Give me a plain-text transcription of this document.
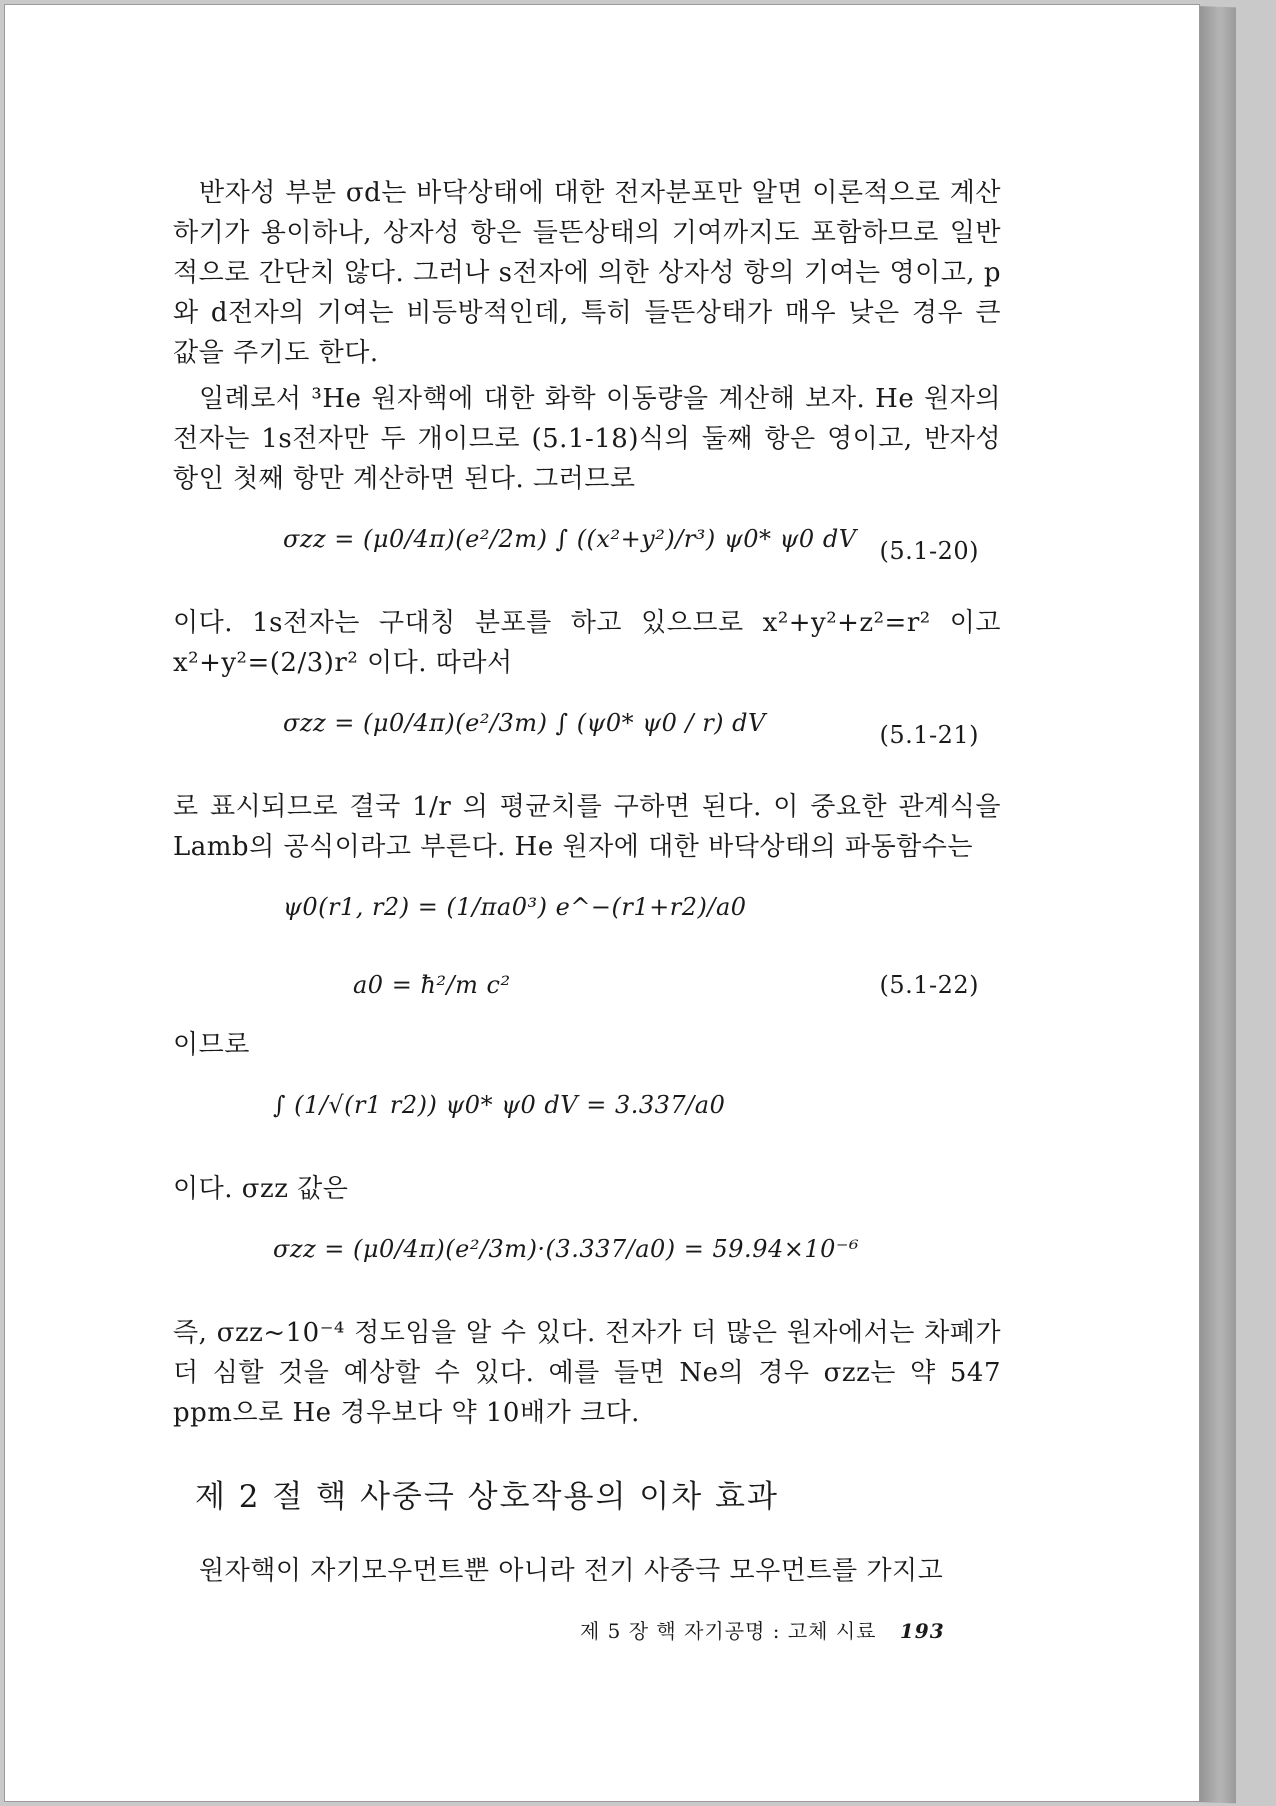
반자성 부분 σd는 바닥상태에 대한 전자분포만 알면 이론적으로 계산하기가 용이하나, 상자성 항은 들뜬상태의 기여까지도 포함하므로 일반적으로 간단치 않다. 그러나 s전자에 의한 상자성 항의 기여는 영이고, p와 d전자의 기여는 비등방적인데, 특히 들뜬상태가 매우 낮은 경우 큰 값을 주기도 한다.

일례로서 ³He 원자핵에 대한 화학 이동량을 계산해 보자. He 원자의 전자는 1s전자만 두 개이므로 (5.1-18)식의 둘째 항은 영이고, 반자성항인 첫째 항만 계산하면 된다. 그러므로

σzz = (μ0/4π)(e²/2m) ∫ ((x²+y²)/r³) ψ0* ψ0 dV (5.1-20)

이다. 1s전자는 구대칭 분포를 하고 있으므로 x²+y²+z²=r² 이고 x²+y²=(2/3)r² 이다. 따라서

σzz = (μ0/4π)(e²/3m) ∫ (ψ0* ψ0 / r) dV	(5.1-21)

로 표시되므로 결국 1/r 의 평균치를 구하면 된다. 이 중요한 관계식을 Lamb의 공식이라고 부른다. He 원자에 대한 바닥상태의 파동함수는

ψ0(r1, r2) = (1/πa0³) e^−(r1+r2)/a0
a0 = ħ²/m c²	(5.1-22)

이므로

∫ (1/√(r1 r2)) ψ0* ψ0 dV = 3.337/a0

이다. σzz 값은

σzz = (μ0/4π)(e²/3m)·(3.337/a0) = 59.94×10⁻⁶

즉, σzz~10⁻⁴ 정도임을 알 수 있다. 전자가 더 많은 원자에서는 차폐가 더 심할 것을 예상할 수 있다. 예를 들면 Ne의 경우 σzz는 약 547 ppm으로 He 경우보다 약 10배가 크다.

제 2 절 핵 사중극 상호작용의 이차 효과

원자핵이 자기모우먼트뿐 아니라 전기 사중극 모우먼트를 가지고

제 5 장 핵 자기공명 : 고체 시료 193
